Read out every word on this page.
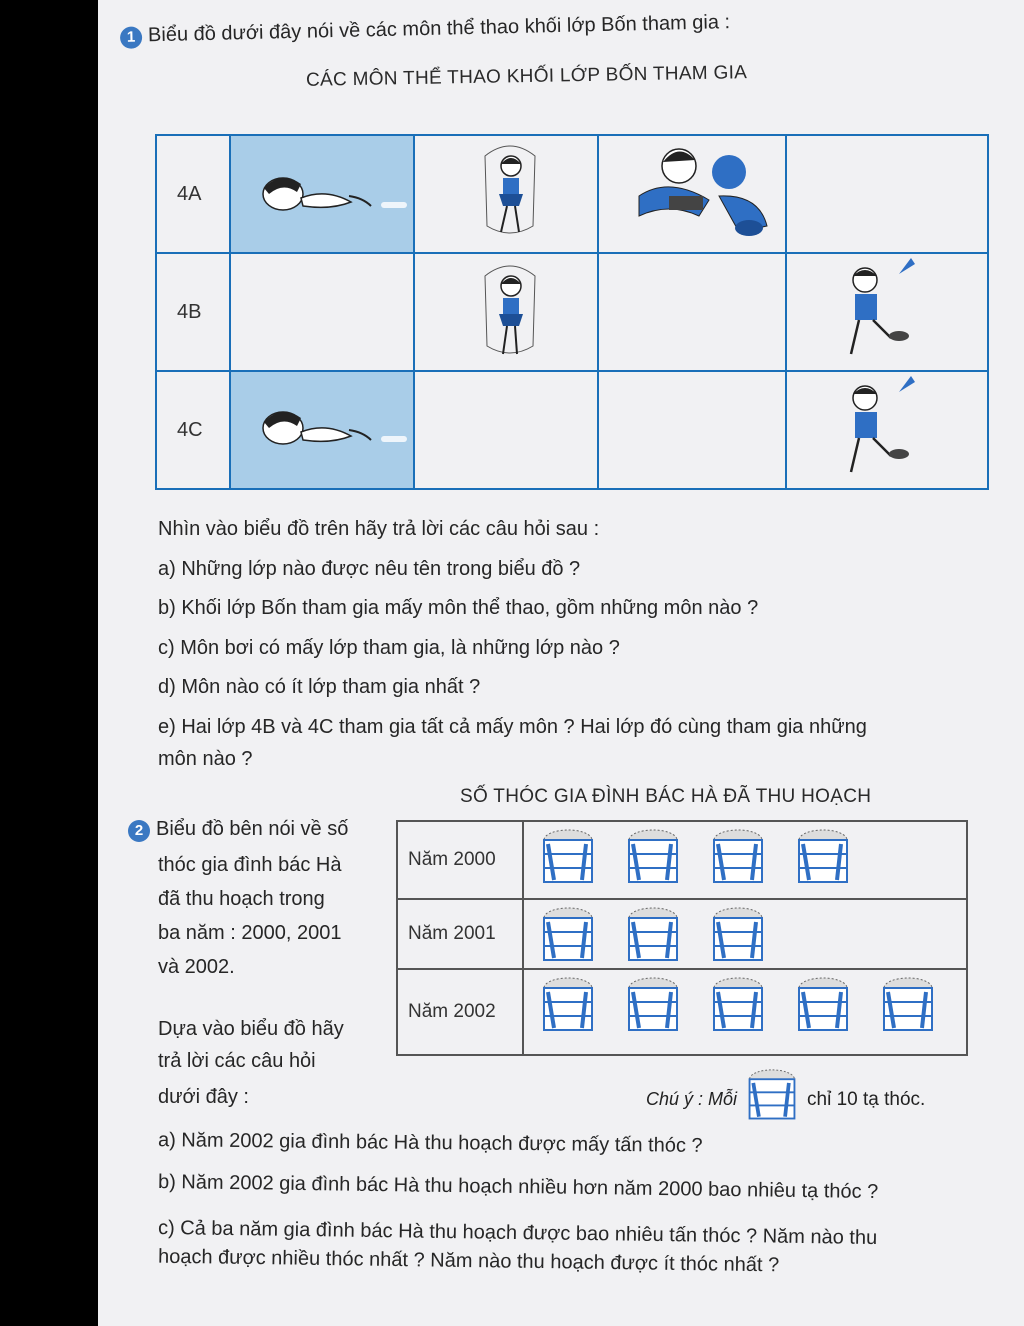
1 Biểu đồ dưới đây nói về các môn thể thao khối lớp Bốn tham gia :
CÁC MÔN THỂ THAO KHỐI LỚP BỐN THAM GIA
4A
4B
4C
Nhìn vào biểu đồ trên hãy trả lời các câu hỏi sau :
a) Những lớp nào được nêu tên trong biểu đồ ?
b) Khối lớp Bốn tham gia mấy môn thể thao, gồm những môn nào ?
c) Môn bơi có mấy lớp tham gia, là những lớp nào ?
d) Môn nào có ít lớp tham gia nhất ?
e) Hai lớp 4B và 4C tham gia tất cả mấy môn ? Hai lớp đó cùng tham gia những
môn nào ?
SỐ THÓC GIA ĐÌNH BÁC HÀ ĐÃ THU HOẠCH
2 Biểu đồ bên nói về số
thóc gia đình bác Hà
đã thu hoạch trong
ba năm : 2000, 2001
và 2002.
Dựa vào biểu đồ hãy
trả lời các câu hỏi
dưới đây :
Năm 2000
Năm 2001
Năm 2002
Chú ý : Mỗi	chỉ 10 tạ thóc.
a) Năm 2002 gia đình bác Hà thu hoạch được mấy tấn thóc ?
b) Năm 2002 gia đình bác Hà thu hoạch nhiều hơn năm 2000 bao nhiêu tạ thóc ?
c) Cả ba năm gia đình bác Hà thu hoạch được bao nhiêu tấn thóc ? Năm nào thu
hoạch được nhiều thóc nhất ? Năm nào thu hoạch được ít thóc nhất ?
